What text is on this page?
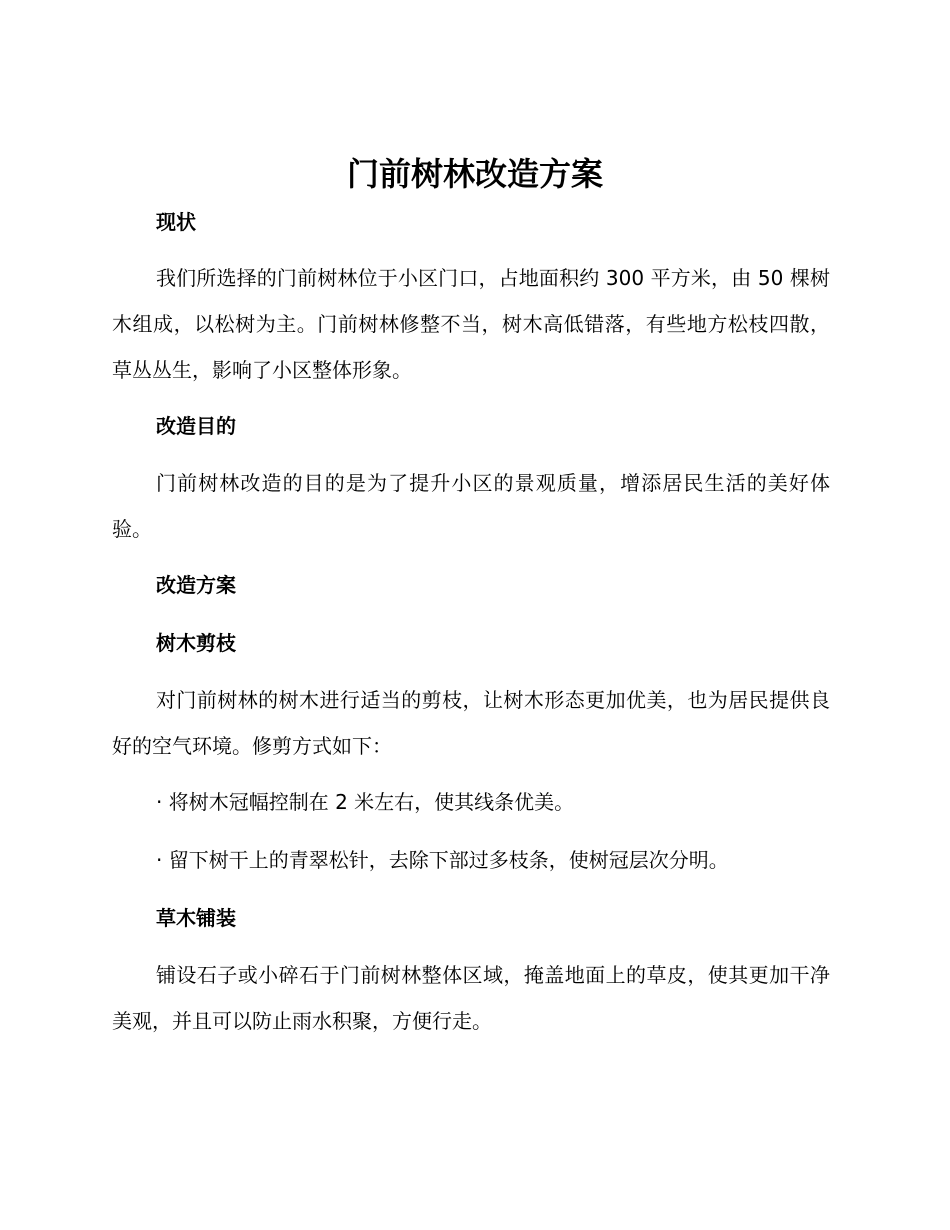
门前树林改造方案
现状
我们所选择的门前树林位于小区门口，占地面积约 300 平方米，由 50 棵树木组成，以松树为主。门前树林修整不当，树木高低错落，有些地方松枝四散，草丛丛生，影响了小区整体形象。
改造目的
门前树林改造的目的是为了提升小区的景观质量，增添居民生活的美好体验。
改造方案
树木剪枝
对门前树林的树木进行适当的剪枝，让树木形态更加优美，也为居民提供良好的空气环境。修剪方式如下：
· 将树木冠幅控制在 2 米左右，使其线条优美。
· 留下树干上的青翠松针，去除下部过多枝条，使树冠层次分明。
草木铺装
铺设石子或小碎石于门前树林整体区域，掩盖地面上的草皮，使其更加干净美观，并且可以防止雨水积聚，方便行走。
